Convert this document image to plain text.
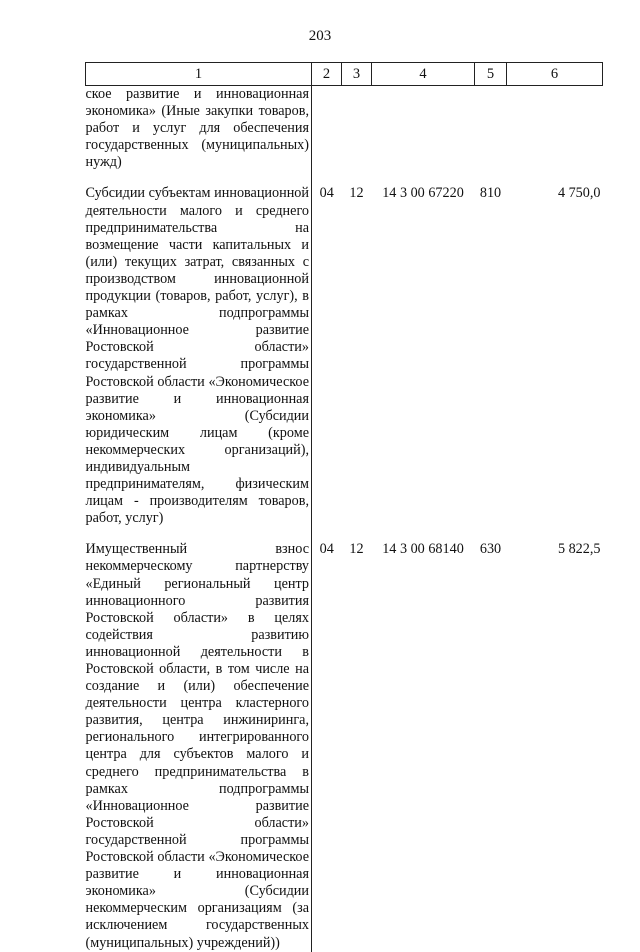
203
1	2	3	4	5	6
ское развитие и инновационная экономика» (Иные закупки товаров, работ и услуг для обеспечения государственных (муниципальных) нужд)					

Субсидии субъектам инновационной деятельности малого и среднего предпринимательства на возмещение части капитальных и (или) текущих затрат, связанных с производством инновационной продукции (товаров, работ, услуг), в рамках подпрограммы «Инновационное развитие Ростовской области» государственной программы Ростовской области «Экономическое развитие и инновационная экономика» (Субсидии юридическим лицам (кроме некоммерческих организаций), индивидуальным предпринимателям, физическим лицам - производителям товаров, работ, услуг)	04	12	14 3 00 67220	810	4 750,0

Имущественный взнос некоммерческому партнерству «Единый региональный центр инновационного развития Ростовской области» в целях содействия развитию инновационной деятельности в Ростовской области, в том числе на создание и (или) обеспечение деятельности центра кластерного развития, центра инжиниринга, регионального интегрированного центра для субъектов малого и среднего предпринимательства в рамках подпрограммы «Инновационное развитие Ростовской области» государственной программы Ростовской области «Экономическое развитие и инновационная экономика» (Субсидии некоммерческим организациям (за исключением государственных (муниципальных) учреждений))	04	12	14 3 00 68140	630	5 822,5
